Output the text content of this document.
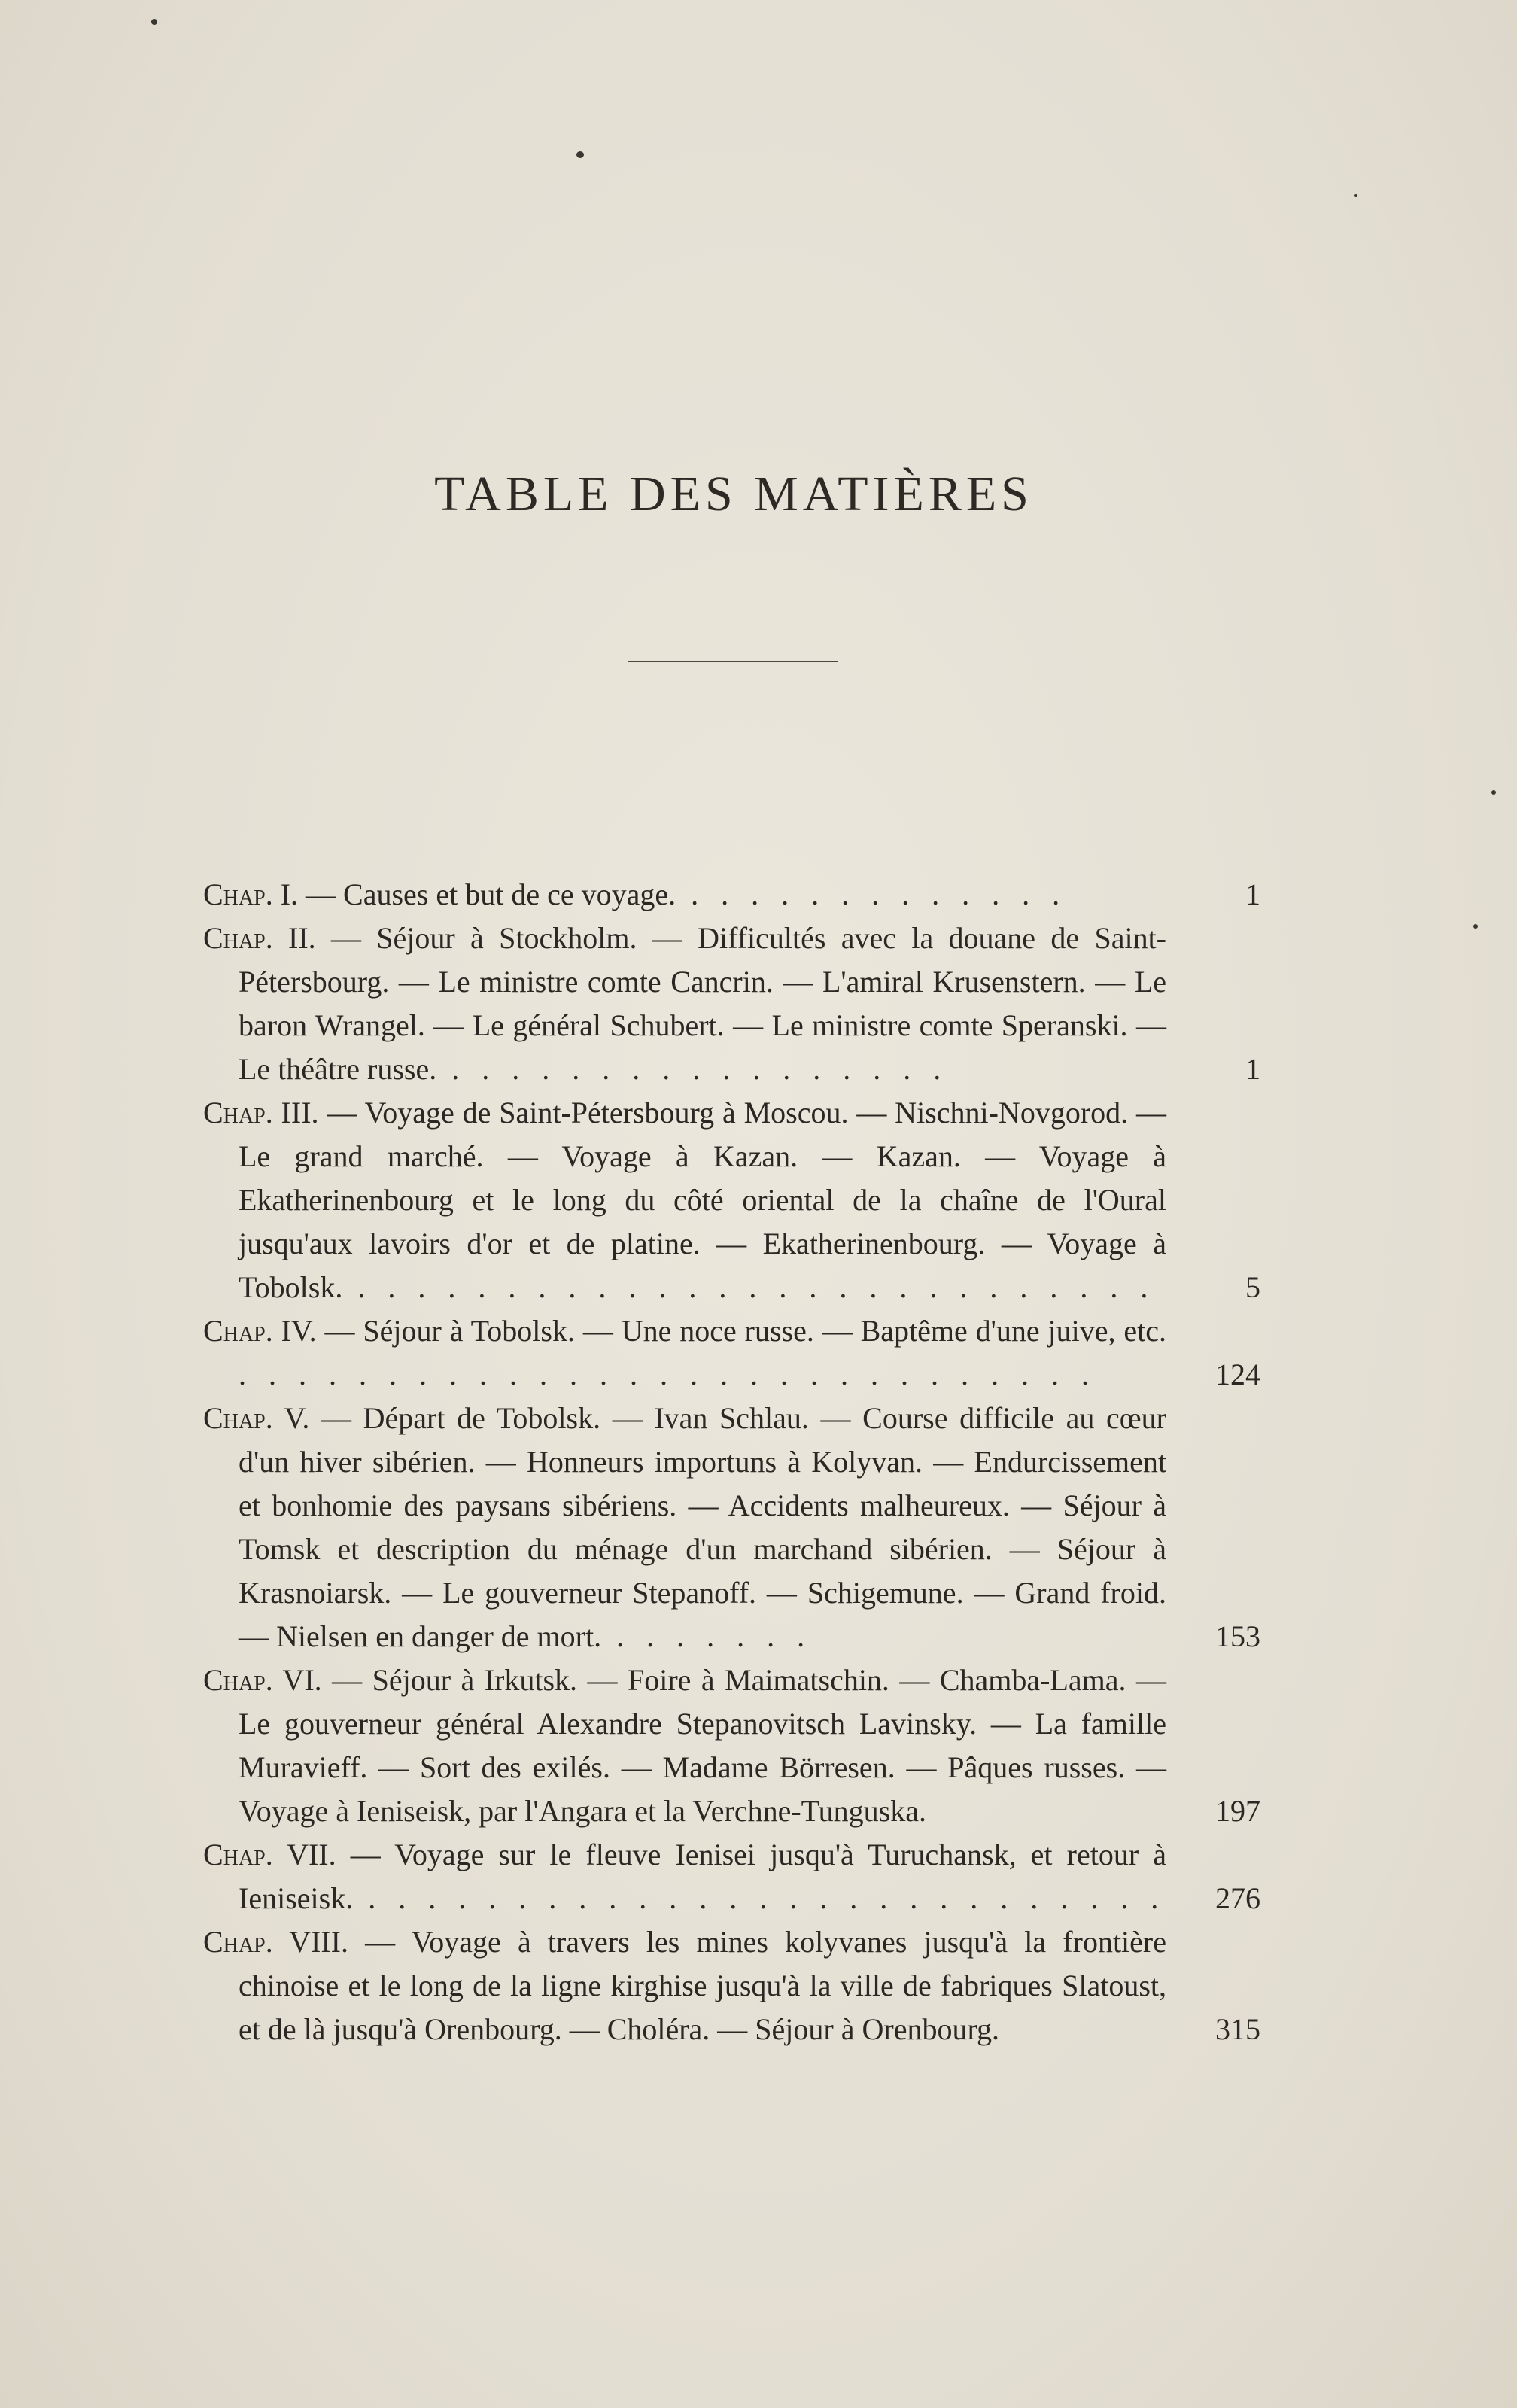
TABLE DES MATIÈRES
Chap. I. — Causes et but de ce voyage. . . . . . . . . . . . . .	1
Chap. II. — Séjour à Stockholm. — Difficultés avec la douane de Saint-Pétersbourg. — Le ministre comte Cancrin. — L'amiral Krusenstern. — Le baron Wrangel. — Le général Schubert. — Le ministre comte Speranski. — Le théâtre russe. . . . . . . . . . . . . . . . . .	1
Chap. III. — Voyage de Saint-Pétersbourg à Moscou. — Nischni-Novgorod. — Le grand marché. — Voyage à Kazan. — Kazan. — Voyage à Ekatherinenbourg et le long du côté oriental de la chaîne de l'Oural jusqu'aux lavoirs d'or et de platine. — Ekatherinenbourg. — Voyage à Tobolsk. . . . . . . . . . . . . . . . . . . . . . . . . . . .	5
Chap. IV. — Séjour à Tobolsk. — Une noce russe. — Baptême d'une juive, etc. . . . . . . . . . . . . . . . . . . . . . . . . . . . . .	124
Chap. V. — Départ de Tobolsk. — Ivan Schlau. — Course difficile au cœur d'un hiver sibérien. — Honneurs importuns à Kolyvan. — Endurcissement et bonhomie des paysans sibériens. — Accidents malheureux. — Séjour à Tomsk et description du ménage d'un marchand sibérien. — Séjour à Krasnoiarsk. — Le gouverneur Stepanoff. — Schigemune. — Grand froid. — Nielsen en danger de mort. . . . . . . .	153
Chap. VI. — Séjour à Irkutsk. — Foire à Maimatschin. — Chamba-Lama. — Le gouverneur général Alexandre Stepanovitsch Lavinsky. — La famille Muravieff. — Sort des exilés. — Madame Börresen. — Pâques russes. — Voyage à Ieniseisk, par l'Angara et la Verchne-Tunguska.	197
Chap. VII. — Voyage sur le fleuve Ienisei jusqu'à Turuchansk, et retour à Ieniseisk. . . . . . . . . . . . . . . . . . . . . . . . . . . .	276
Chap. VIII. — Voyage à travers les mines kolyvanes jusqu'à la frontière chinoise et le long de la ligne kirghise jusqu'à la ville de fabriques Slatoust, et de là jusqu'à Orenbourg. — Choléra. — Séjour à Orenbourg.	315
